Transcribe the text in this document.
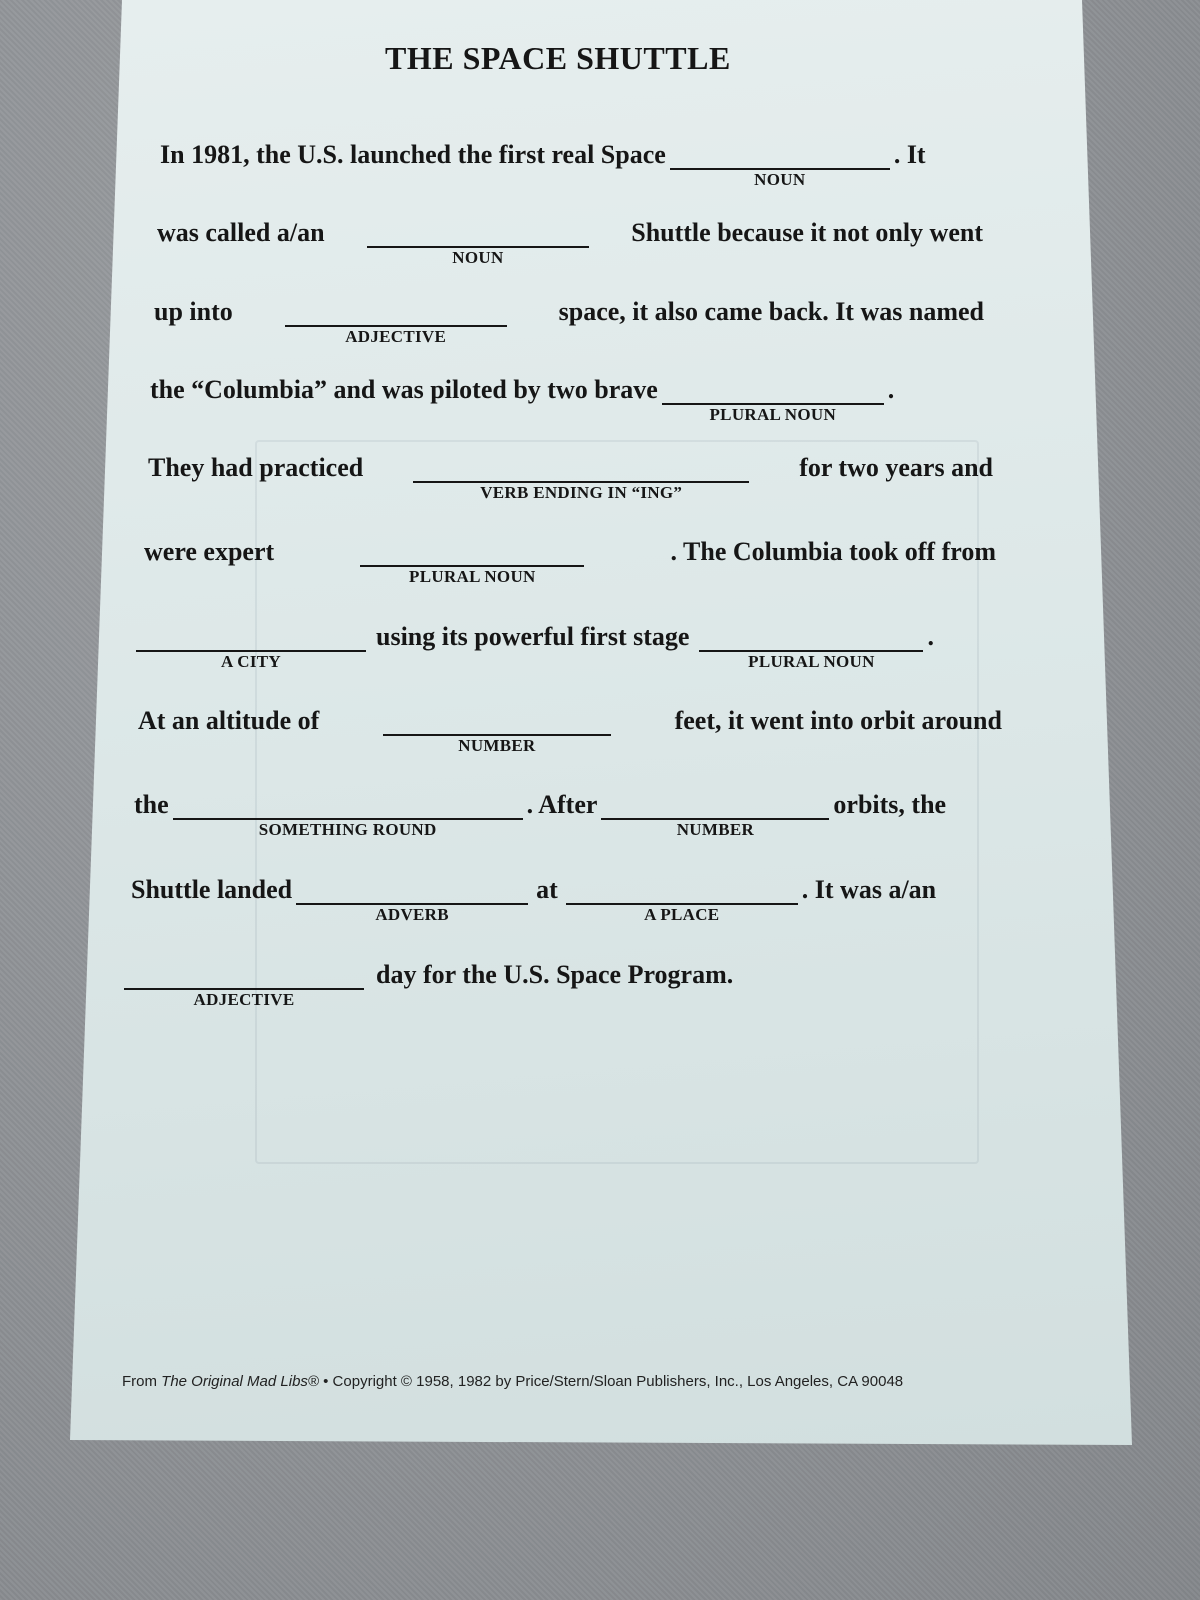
THE SPACE SHUTTLE
In 1981, the U.S. launched the first real Space
NOUN
. It
was called a/an
NOUN
Shuttle because it not only went
up into
ADJECTIVE
space, it also came back. It was named
the “Columbia” and was piloted by two brave
PLURAL NOUN
.
They had practiced
VERB ENDING IN “ING”
for two years and
were expert
PLURAL NOUN
. The Columbia took off from
A CITY
using its powerful first stage
PLURAL NOUN
.
At an altitude of
NUMBER
feet, it went into orbit around
the
SOMETHING ROUND
. After
NUMBER
orbits, the
Shuttle landed
ADVERB
at
A PLACE
. It was a/an
ADJECTIVE
day for the U.S. Space Program.
From The Original Mad Libs® • Copyright © 1958, 1982 by Price/Stern/Sloan Publishers, Inc., Los Angeles, CA 90048
